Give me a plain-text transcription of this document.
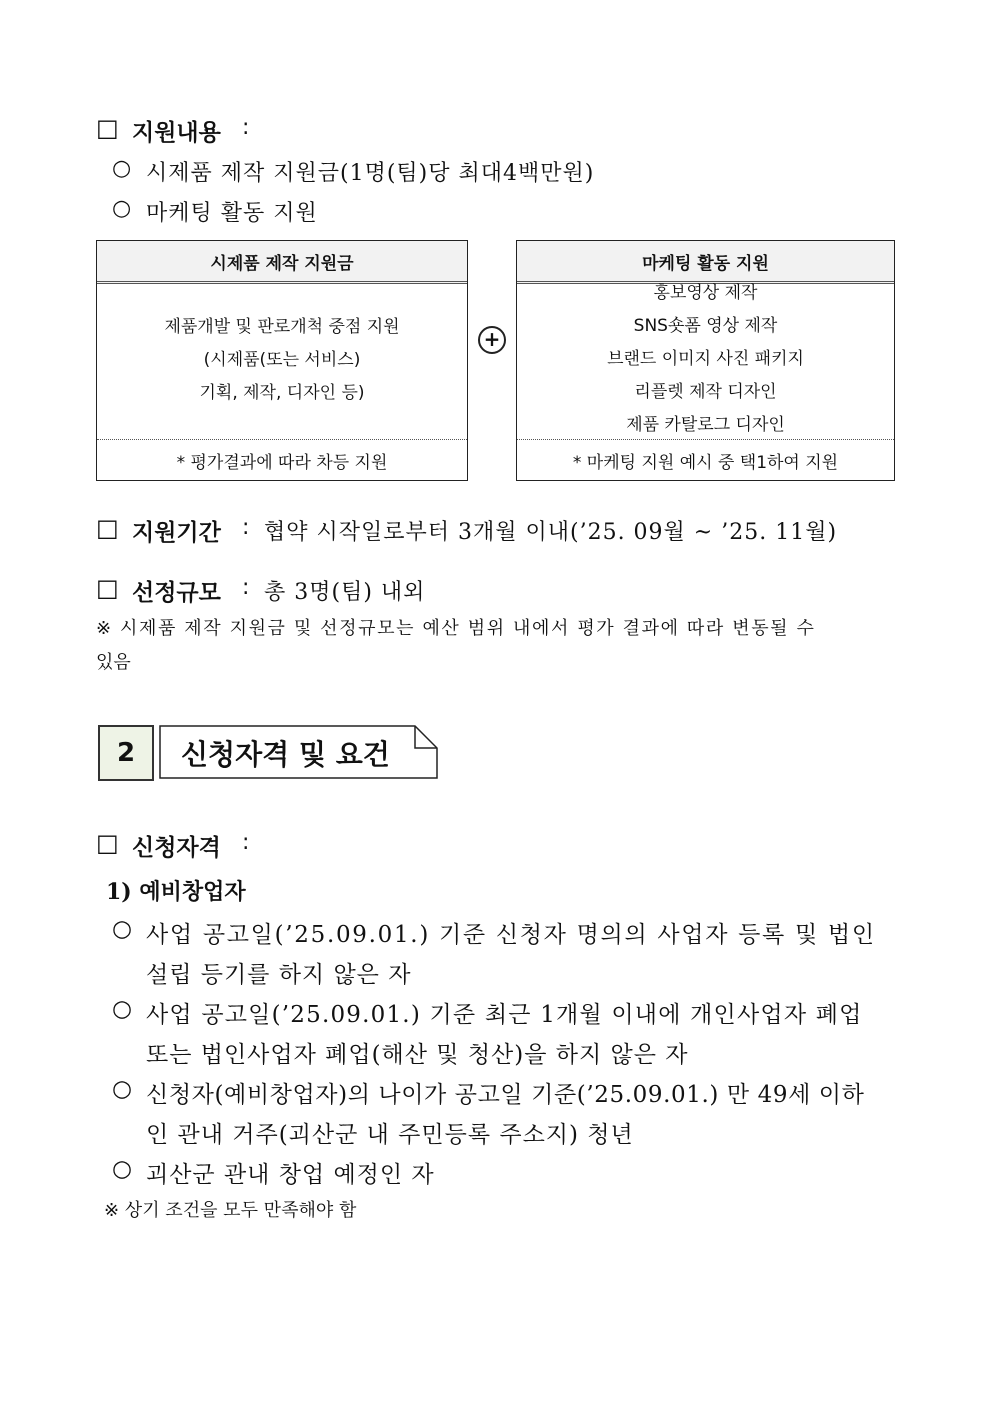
□ 지원내용 :
○ 시제품 제작 지원금(1명(팀)당 최대4백만원)
○ 마케팅 활동 지원
시제품 제작 지원금
제품개발 및 판로개척 중점 지원
(시제품(또는 서비스)
기획, 제작, 디자인 등)
* 평가결과에 따라 차등 지원
+
마케팅 활동 지원
홍보영상 제작
SNS숏폼 영상 제작
브랜드 이미지 사진 패키지
리플렛 제작 디자인
제품 카탈로그 디자인
* 마케팅 지원 예시 중 택1하여 지원
□ 지원기간 : 협약 시작일로부터 3개월 이내(’25. 09월 ~ ’25. 11월)
□ 선정규모 : 총 3명(팀) 내외
※ 시제품 제작 지원금 및 선정규모는 예산 범위 내에서 평가 결과에 따라 변동될 수
있음
2	신청자격 및 요건
□ 신청자격 :
1) 예비창업자
○ 사업 공고일(’25.09.01.) 기준 신청자 명의의 사업자 등록 및 법인
설립 등기를 하지 않은 자
○ 사업 공고일(’25.09.01.) 기준 최근 1개월 이내에 개인사업자 폐업
또는 법인사업자 폐업(해산 및 청산)을 하지 않은 자
○ 신청자(예비창업자)의 나이가 공고일 기준(’25.09.01.) 만 49세 이하
인 관내 거주(괴산군 내 주민등록 주소지) 청년
○ 괴산군 관내 창업 예정인 자
※ 상기 조건을 모두 만족해야 함
